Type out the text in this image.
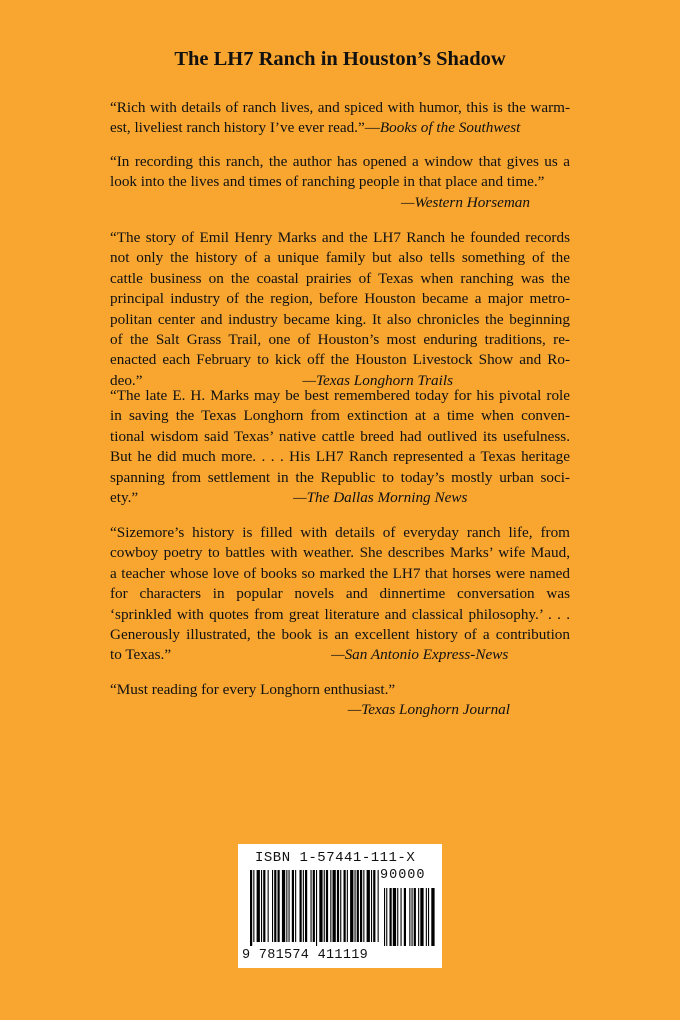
The LH7 Ranch in Houston’s Shadow
“Rich with details of ranch lives, and spiced with humor, this is the warm-
est, liveliest ranch history I’ve ever read.”—Books of the Southwest
“In recording this ranch, the author has opened a window that gives us a
look into the lives and times of ranching people in that place and time.”
—Western Horseman
“The story of Emil Henry Marks and the LH7 Ranch he founded records
not only the history of a unique family but also tells something of the
cattle business on the coastal prairies of Texas when ranching was the
principal industry of the region, before Houston became a major metro-
politan center and industry became king. It also chronicles the beginning
of the Salt Grass Trail, one of Houston’s most enduring traditions, re-
enacted each February to kick off the Houston Livestock Show and Ro-
deo.”	—Texas Longhorn Trails
“The late E. H. Marks may be best remembered today for his pivotal role
in saving the Texas Longhorn from extinction at a time when conven-
tional wisdom said Texas’ native cattle breed had outlived its usefulness.
But he did much more. . . . His LH7 Ranch represented a Texas heritage
spanning from settlement in the Republic to today’s mostly urban soci-
ety.”	—The Dallas Morning News
“Sizemore’s history is filled with details of everyday ranch life, from
cowboy poetry to battles with weather. She describes Marks’ wife Maud,
a teacher whose love of books so marked the LH7 that horses were named
for characters in popular novels and dinnertime conversation was
‘sprinkled with quotes from great literature and classical philosophy.’ . . .
Generously illustrated, the book is an excellent history of a contribution
to Texas.”	—San Antonio Express-News
“Must reading for every Longhorn enthusiast.”
—Texas Longhorn Journal
ISBN 1-57441-111-X
90000
9 781574 411119
